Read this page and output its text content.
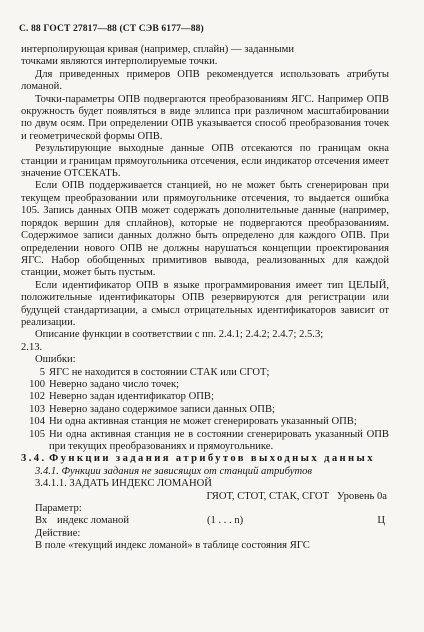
С. 88 ГОСТ 27817—88 (СТ СЭВ 6177—88)

интерполирующая кривая (например, сплайн) — заданными

точками являются интерполируемые точки.

Для приведенных примеров ОПВ рекомендуется использовать атрибуты ломаной.

Точки-параметры ОПВ подвергаются преобразованиям ЯГС. Например ОПВ окружность будет появляться в виде эллипса при различном масштабировании по двум осям. При определении ОПВ указывается способ преобразования точек и геометрической формы ОПВ.

Результирующие выходные данные ОПВ отсекаются по границам окна станции и границам прямоугольника отсечения, если индикатор отсечения имеет значение ОТСЕКАТЬ.

Если ОПВ поддерживается станцией, но не может быть сгенерирован при текущем преобразовании или прямоугольнике отсечения, то выдается ошибка 105. Запись данных ОПВ может содержать дополнительные данные (например, порядок вершин для сплайнов), которые не подвергаются преобразованиям. Содержимое записи данных должно быть определено для каждого ОПВ. При определении нового ОПВ не должны нарушаться концепции проектирования ЯГС. Набор обобщенных примитивов вывода, реализованных для каждой станции, может быть пустым.

Если идентификатор ОПВ в языке программирования имеет тип ЦЕЛЫЙ, положительные идентификаторы ОПВ резервируются для регистрации или будущей стандартизации, а смысл отрицательных идентификаторов зависит от реализации.

Описание функции в соответствии с пп. 2.4.1; 2.4.2; 2.4.7; 2.5.3;

2.13.

Ошибки:

5 ЯГС не находится в состоянии СТАК или СГОТ;
100 Неверно задано число точек;
102 Неверно задан идентификатор ОПВ;
103 Неверно задано содержимое записи данных ОПВ;
104 Ни одна активная станция не может сгенерировать указанный ОПВ;
105 Ни одна активная станция не в состоянии сгенерировать указанный ОПВ при текущих преобразованиях и прямоугольнике.

3.4. Функции задания атрибутов выходных данных

3.4.1. Функции задания не зависящих от станций атрибутов

3.4.1.1. ЗАДАТЬ ИНДЕКС ЛОМАНОЙ

ГЯОТ, СТОТ, СТАК, СГОТ Уровень 0а

Параметр:

Вх индекс ломаной	(1 . . . n)	Ц

Действие:

В поле «текущий индекс ломаной» в таблице состояния ЯГС
